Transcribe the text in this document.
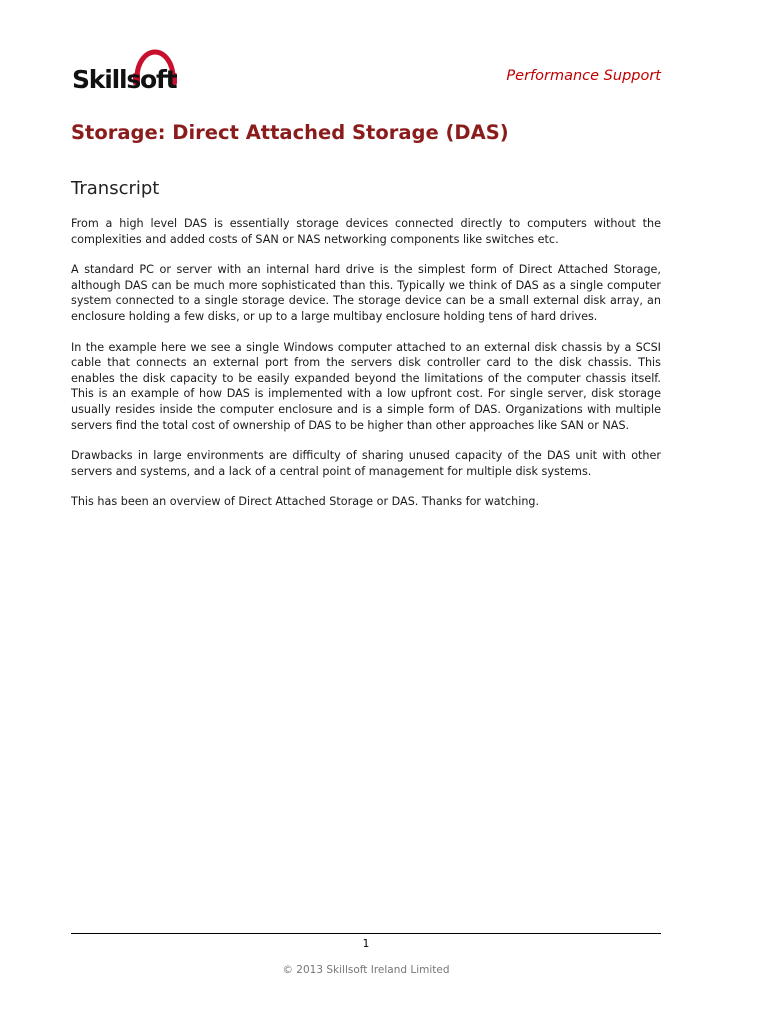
Skillsoft	Performance Support
Storage: Direct Attached Storage (DAS)
Transcript

From a high level DAS is essentially storage devices connected directly to computers without the complexities and added costs of SAN or NAS networking components like switches etc.

A standard PC or server with an internal hard drive is the simplest form of Direct Attached Storage, although DAS can be much more sophisticated than this. Typically we think of DAS as a single computer system connected to a single storage device. The storage device can be a small external disk array, an enclosure holding a few disks, or up to a large multibay enclosure holding tens of hard drives.

In the example here we see a single Windows computer attached to an external disk chassis by a SCSI cable that connects an external port from the servers disk controller card to the disk chassis. This enables the disk capacity to be easily expanded beyond the limitations of the computer chassis itself. This is an example of how DAS is implemented with a low upfront cost. For single server, disk storage usually resides inside the computer enclosure and is a simple form of DAS. Organizations with multiple servers find the total cost of ownership of DAS to be higher than other approaches like SAN or NAS.

Drawbacks in large environments are difficulty of sharing unused capacity of the DAS unit with other servers and systems, and a lack of a central point of management for multiple disk systems.

This has been an overview of Direct Attached Storage or DAS. Thanks for watching.

1
© 2013 Skillsoft Ireland Limited
